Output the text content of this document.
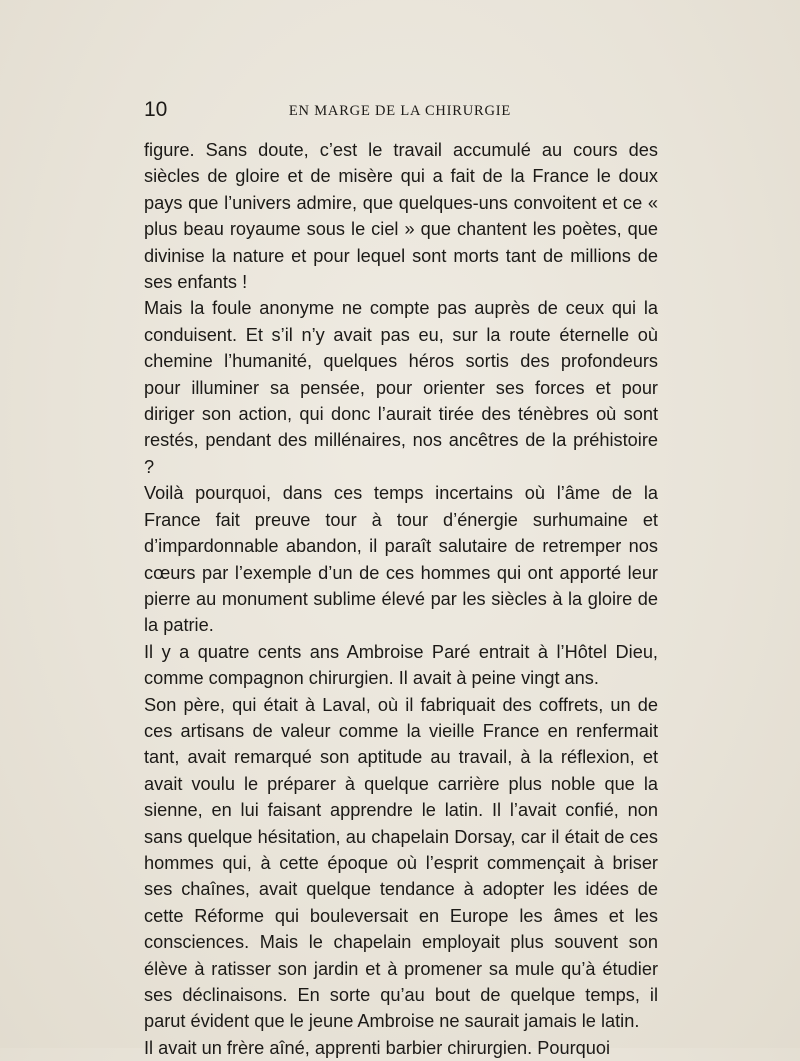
10	EN MARGE DE LA CHIRURGIE

figure. Sans doute, c’est le travail accumulé au cours des siècles de gloire et de misère qui a fait de la France le doux pays que l’univers admire, que quelques-uns convoitent et ce « plus beau royaume sous le ciel » que chantent les poètes, que divinise la nature et pour lequel sont morts tant de millions de ses enfants !

Mais la foule anonyme ne compte pas auprès de ceux qui la conduisent. Et s’il n’y avait pas eu, sur la route éternelle où chemine l’humanité, quelques héros sortis des profondeurs pour illuminer sa pensée, pour orienter ses forces et pour diriger son action, qui donc l’aurait tirée des ténèbres où sont restés, pendant des millénaires, nos ancêtres de la préhistoire ?

Voilà pourquoi, dans ces temps incertains où l’âme de la France fait preuve tour à tour d’énergie surhumaine et d’impardonnable abandon, il paraît salutaire de retremper nos cœurs par l’exemple d’un de ces hommes qui ont apporté leur pierre au monument sublime élevé par les siècles à la gloire de la patrie.

Il y a quatre cents ans Ambroise Paré entrait à l’Hôtel Dieu, comme compagnon chirurgien. Il avait à peine vingt ans.

Son père, qui était à Laval, où il fabriquait des coffrets, un de ces artisans de valeur comme la vieille France en renfermait tant, avait remarqué son aptitude au travail, à la réflexion, et avait voulu le préparer à quelque carrière plus noble que la sienne, en lui faisant apprendre le latin. Il l’avait confié, non sans quelque hésitation, au chapelain Dorsay, car il était de ces hommes qui, à cette époque où l’esprit commençait à briser ses chaînes, avait quelque tendance à adopter les idées de cette Réforme qui bouleversait en Europe les âmes et les consciences. Mais le chapelain employait plus souvent son élève à ratisser son jardin et à promener sa mule qu’à étudier ses déclinaisons. En sorte qu’au bout de quelque temps, il parut évident que le jeune Ambroise ne saurait jamais le latin.

Il avait un frère aîné, apprenti barbier chirurgien. Pourquoi
